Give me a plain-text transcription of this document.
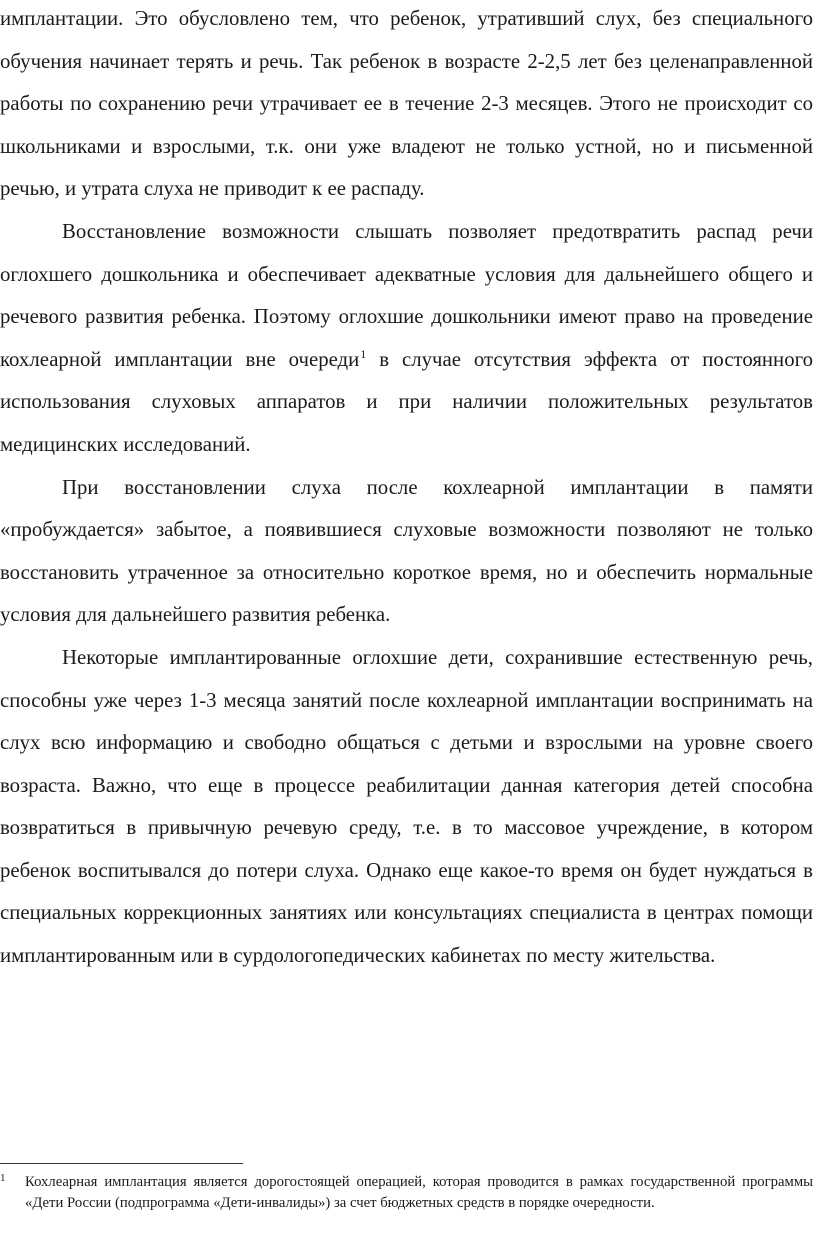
имплантации. Это обусловлено тем, что ребенок, утративший слух, без специального обучения начинает терять и речь. Так ребенок в возрасте 2-2,5 лет без целенаправленной работы по сохранению речи утрачивает ее в течение 2-3 месяцев. Этого не происходит со школьниками и взрослыми, т.к. они уже владеют не только устной, но и письменной речью, и утрата слуха не приводит к ее распаду.

Восстановление возможности слышать позволяет предотвратить распад речи оглохшего дошкольника и обеспечивает адекватные условия для дальнейшего общего и речевого развития ребенка. Поэтому оглохшие дошкольники имеют право на проведение кохлеарной имплантации вне очереди$^1$ в случае отсутствия эффекта от постоянного использования слуховых аппаратов и при наличии положительных результатов медицинских исследований.

При восстановлении слуха после кохлеарной имплантации в памяти «пробуждается» забытое, а появившиеся слуховые возможности позволяют не только восстановить утраченное за относительно короткое время, но и обеспечить нормальные условия для дальнейшего развития ребенка.

Некоторые имплантированные оглохшие дети, сохранившие естественную речь, способны уже через 1-3 месяца занятий после кохлеарной имплантации воспринимать на слух всю информацию и свободно общаться с детьми и взрослыми на уровне своего возраста. Важно, что еще в процессе реабилитации данная категория детей способна возвратиться в привычную речевую среду, т.е. в то массовое учреждение, в котором ребенок воспитывался до потери слуха. Однако еще какое-то время он будет нуждаться в специальных коррекционных занятиях или консультациях специалиста в центрах помощи имплантированным или в сурдологопедических кабинетах по месту жительства.

1 Кохлеарная имплантация является дорогостоящей операцией, которая проводится в рамках государственной программы «Дети России (подпрограмма «Дети-инвалиды») за счет бюджетных средств в порядке очередности.
